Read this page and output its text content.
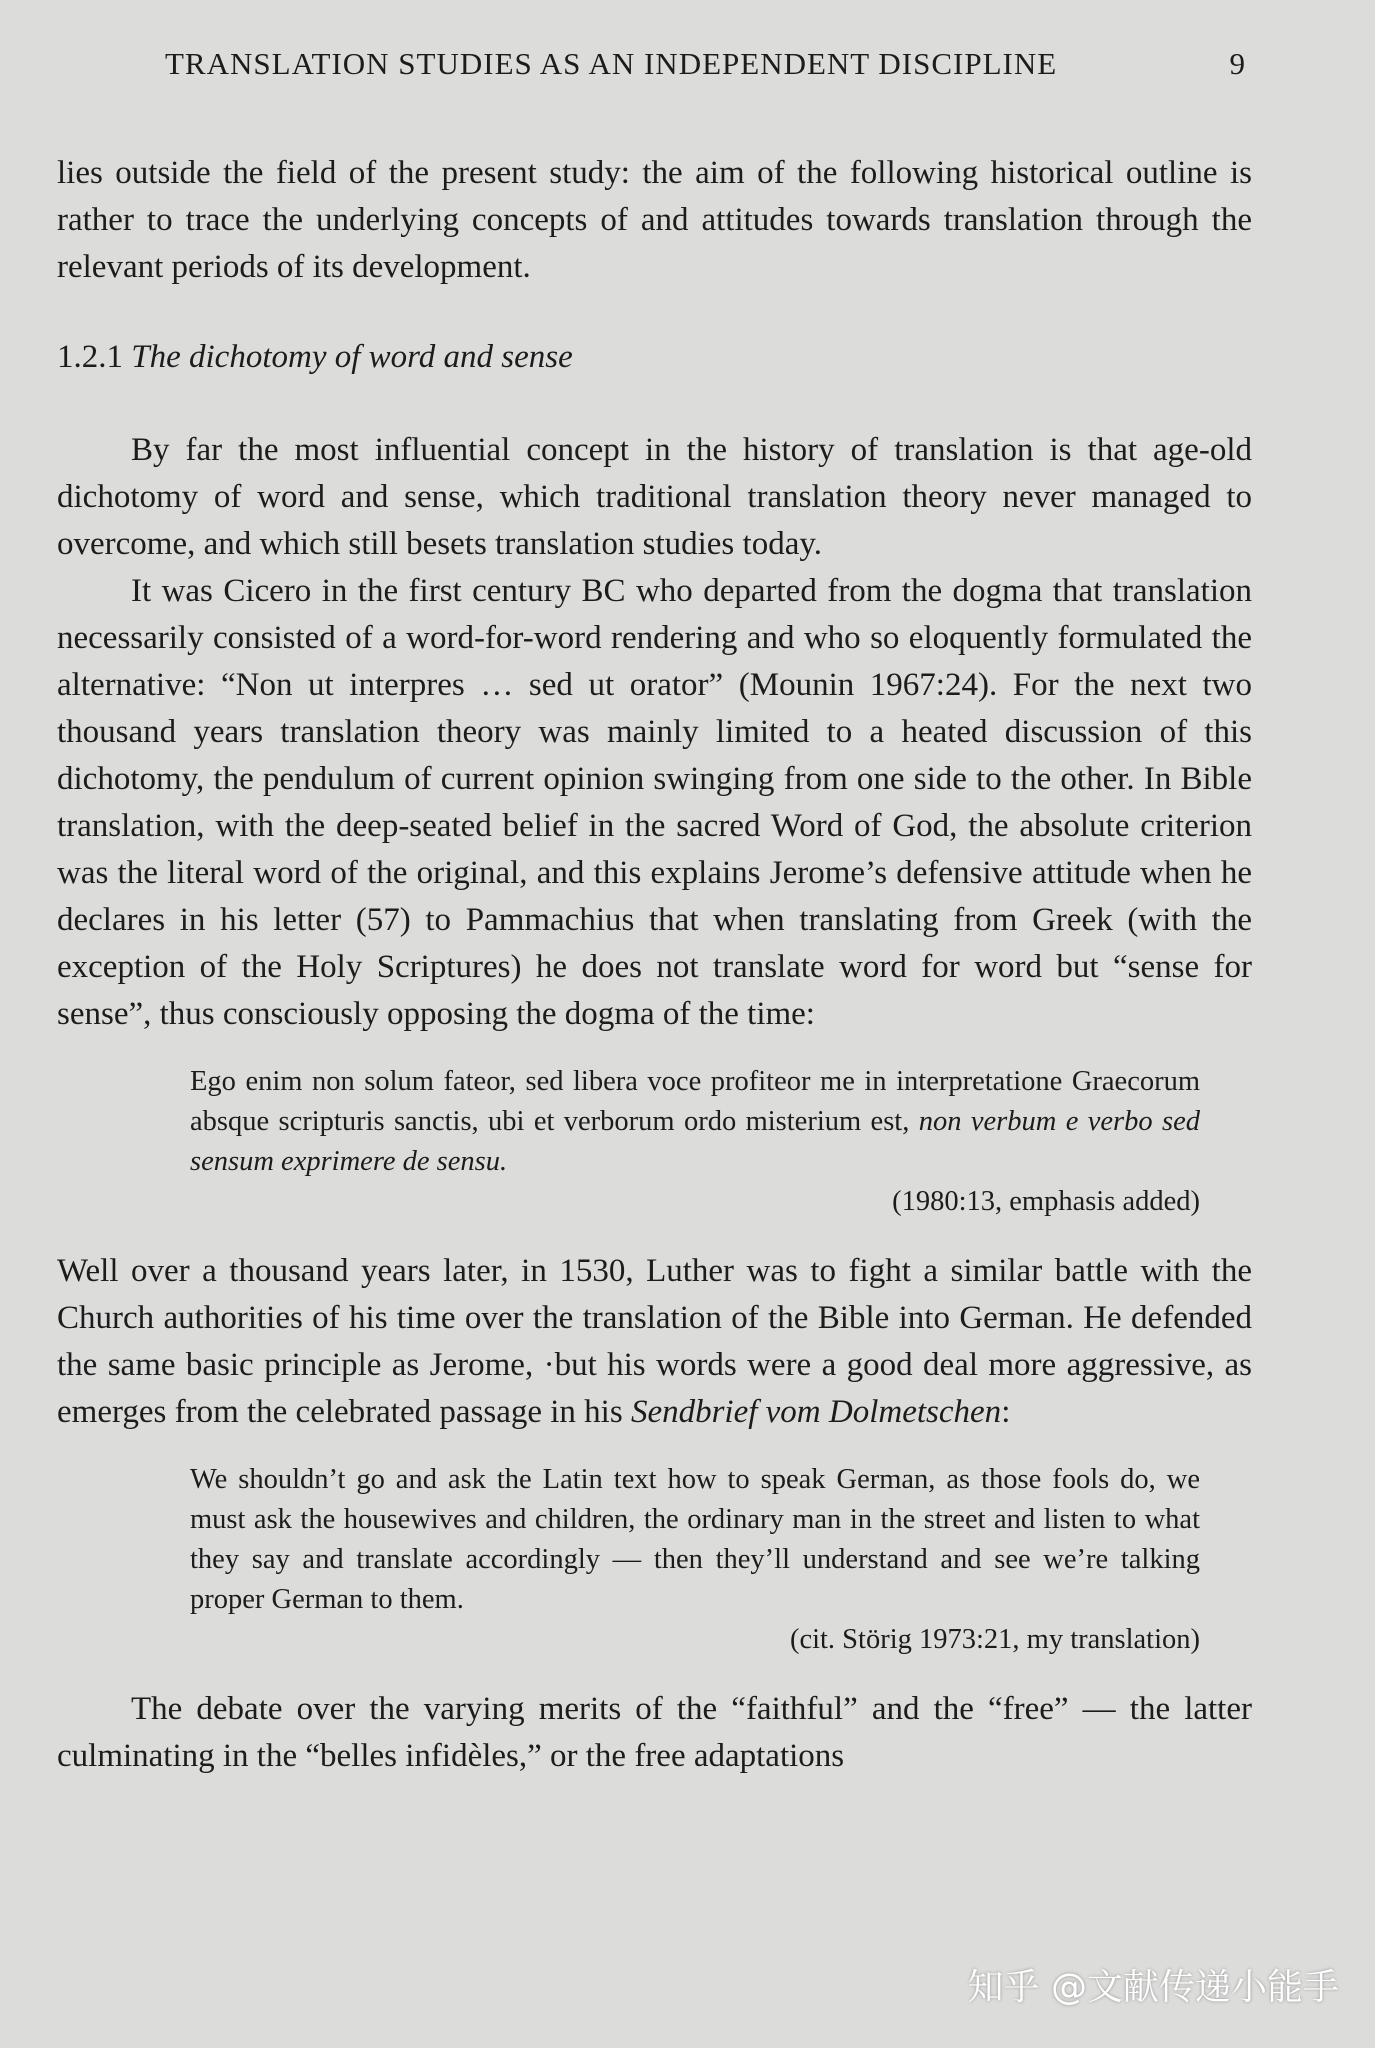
TRANSLATION STUDIES AS AN INDEPENDENT DISCIPLINE	9

lies outside the field of the present study: the aim of the following historical outline is rather to trace the underlying concepts of and attitudes towards translation through the relevant periods of its development.

1.2.1 The dichotomy of word and sense

By far the most influential concept in the history of translation is that age-old dichotomy of word and sense, which traditional translation theory never managed to overcome, and which still besets translation studies today.

It was Cicero in the first century BC who departed from the dogma that translation necessarily consisted of a word-for-word rendering and who so eloquently formulated the alternative: “Non ut interpres … sed ut orator” (Mounin 1967:24). For the next two thousand years translation theory was mainly limited to a heated discussion of this dichotomy, the pendulum of current opinion swinging from one side to the other. In Bible translation, with the deep-seated belief in the sacred Word of God, the absolute criterion was the literal word of the original, and this explains Jerome’s defensive attitude when he declares in his letter (57) to Pammachius that when translating from Greek (with the exception of the Holy Scriptures) he does not translate word for word but “sense for sense”, thus consciously opposing the dogma of the time:

Ego enim non solum fateor, sed libera voce profiteor me in interpretatione Graecorum absque scripturis sanctis, ubi et verborum ordo misterium est, non verbum e verbo sed sensum exprimere de sensu.
(1980:13, emphasis added)

Well over a thousand years later, in 1530, Luther was to fight a similar battle with the Church authorities of his time over the translation of the Bible into German. He defended the same basic principle as Jerome, ·but his words were a good deal more aggressive, as emerges from the celebrated passage in his Sendbrief vom Dolmetschen:

We shouldn’t go and ask the Latin text how to speak German, as those fools do, we must ask the housewives and children, the ordinary man in the street and listen to what they say and translate accordingly — then they’ll understand and see we’re talking proper German to them.
(cit. Störig 1973:21, my translation)

The debate over the varying merits of the “faithful” and the “free” — the latter culminating in the “belles infidèles,” or the free adaptations

知乎 @文献传递小能手
